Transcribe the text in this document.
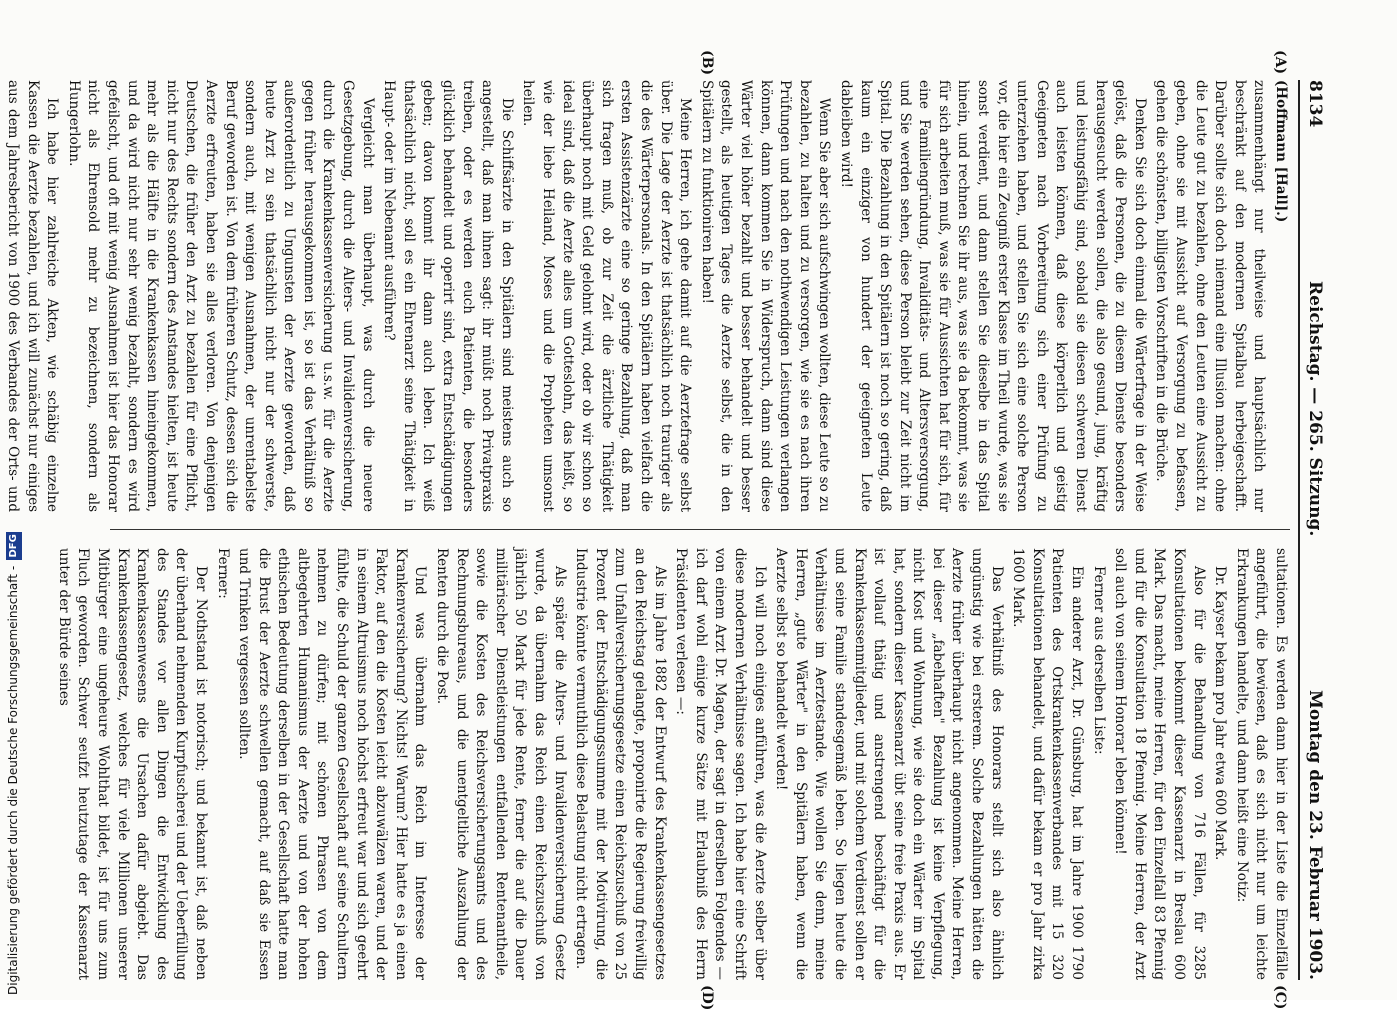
8134
Reichstag. — 265. Sitzung.
Montag den 23. Februar 1903.
(A)
(B)
(C)
(D)

(Hoffmann [Hall].)

zusammenhängt nur theilweise und hauptsächlich nur beschränkt auf den modernen Spitalbau herbeigeschafft. Darüber sollte sich doch niemand eine Illusion machen: ohne die Leute gut zu bezahlen, ohne den Leuten eine Aussicht zu geben, ohne sie mit Aussicht auf Versorgung zu befassen, gehen die schönsten, billigsten Vorschriften in die Brüche.

Denken Sie sich doch einmal die Wärterfrage in der Weise gelöst, daß die Personen, die zu diesem Dienste besonders herausgesucht werden sollen, die also gesund, jung, kräftig und leistungsfähig sind, sobald sie diesen schweren Dienst auch leisten können, daß diese körperlich und geistig Geeigneten nach Vorbereitung sich einer Prüfung zu unterziehen haben, und stellen Sie sich eine solche Person vor, die hier ein Zeugniß erster Klasse im Theil wurde, was sie sonst verdient, und dann stellen Sie dieselbe in das Spital hinein, und rechnen Sie ihr aus, was sie da bekommt, was sie für sich arbeiten muß, was sie für Aussichten hat für sich, für eine Familiengründung, Invaliditäts- und Altersversorgung, und Sie werden sehen, diese Person bleibt zur Zeit nicht im Spital. Die Bezahlung in den Spitälern ist noch so gering, daß kaum ein einziger von hundert der geeigneten Leute dableiben wird!

Wenn Sie aber sich aufschwingen wollten, diese Leute so zu bezahlen, zu halten und zu versorgen, wie sie es nach ihren Prüfungen und nach den nothwendigen Leistungen verlangen können, dann kommen Sie in Widerspruch, dann sind diese Wärter viel höher bezahlt und besser behandelt und besser gestellt, als heutigen Tages die Aerzte selbst, die in den Spitälern zu funktioniren haben!

Meine Herren, ich gehe damit auf die Aerztefrage selbst über. Die Lage der Aerzte ist thatsächlich noch trauriger als die des Wärterpersonals. In den Spitälern haben vielfach die ersten Assistenzärzte eine so geringe Bezahlung, daß man sich fragen muß, ob zur Zeit die ärztliche Thätigkeit überhaupt noch mit Geld gelohnt wird, oder ob wir schon so ideal sind, daß die Aerzte alles um Gotteslohn, das heißt, so wie der liebe Heiland, Moses und die Propheten umsonst heilen.

Die Schiffsärzte in den Spitälern sind meistens auch so angestellt, daß man ihnen sagt: ihr müßt noch Privatpraxis treiben, oder es werden euch Patienten, die besonders glücklich behandelt und operirt sind, extra Entschädigungen geben; davon kommt ihr dann auch leben. Ich weiß thatsächlich nicht, soll es ein Ehrenarzt seine Thätigkeit in Haupt- oder im Nebenamt ausführen?

Vergleicht man überhaupt, was durch die neuere Gesetzgebung, durch die Alters- und Invalidenversicherung, durch die Krankenkassenversicherung u.s.w. für die Aerzte gegen früher herausgekommen ist, so ist das Verhältniß so außerordentlich zu Ungunsten der Aerzte geworden, daß heute Arzt zu sein thatsächlich nicht nur der schwerste, sondern auch, mit wenigen Ausnahmen, der unrentabelste Beruf geworden ist. Von dem früheren Schutz, dessen sich die Aerzte erfreuten, haben sie alles verloren. Von denjenigen Deutschen, die früher den Arzt zu bezahlen für eine Pflicht, nicht nur des Rechts sondern des Anstandes hielten, ist heute mehr als die Hälfte in die Krankenkassen hineingekommen, und da wird nicht nur sehr wenig bezahlt, sondern es wird gefeilscht, und oft mit wenig Ausnahmen ist hier das Honorar nicht als Ehrensold mehr zu bezeichnen, sondern als Hungerlohn.

Ich habe hier zahlreiche Akten, wie schäbig einzelne Kassen die Aerzte bezahlen, und ich will zunächst nur einiges aus dem Jahresbericht von 1900 des Verbandes der Orts- und

sultationen. Es werden dann hier in der Liste die Einzelfälle angeführt, die bewiesen, daß es sich nicht nur um leichte Erkrankungen handelte, und dann heißt eine Notiz:

Dr. Kayser bekam pro Jahr etwa 600 Mark.

Also für die Behandlung von 716 Fällen, für 3285 Konsultationen bekommt dieser Kassenarzt in Breslau 600 Mark. Das macht, meine Herren, für den Einzelfall 83 Pfennig und für die Konsultation 18 Pfennig. Meine Herren, der Arzt soll auch von seinem Honorar leben können!

Ferner aus derselben Liste:

Ein anderer Arzt, Dr. Günsburg, hat im Jahre 1900 1790 Patienten des Ortskrankenkassenverbandes mit 15 320 Konsultationen behandelt, und dafür bekam er pro Jahr zirka 1600 Mark.

Das Verhältniß des Honorars stellt sich also ähnlich ungünstig wie bei ersterem. Solche Bezahlungen hätten die Aerzte früher überhaupt nicht angenommen. Meine Herren, bei dieser „fabelhaften" Bezahlung ist keine Verpflegung, nicht Kost und Wohnung, wie sie doch ein Wärter im Spital hat, sondern dieser Kassenarzt übt seine freie Praxis aus. Er ist vollauf thätig und anstrengend beschäftigt für die Krankenkassenmitglieder, und mit solchem Verdienst sollen er und seine Familie standesgemäß leben. So liegen heute die Verhältnisse im Aerztestande. Wie wollen Sie denn, meine Herren, „gute Wärter" in den Spitälern haben, wenn die Aerzte selbst so behandelt werden!

Ich will noch einiges anführen, was die Aerzte selber über diese modernen Verhältnisse sagen. Ich habe hier eine Schrift von einem Arzt Dr. Magen, der sagt in derselben Folgendes — ich darf wohl einige kurze Sätze mit Erlaubniß des Herrn Präsidenten verlesen —:

Als im Jahre 1882 der Entwurf des Krankenkassengesetzes an den Reichstag gelangte, proponirte die Regierung freiwillig zum Unfallversicherungsgesetze einen Reichszuschuß von 25 Prozent der Entschädigungssumme mit der Motivirung, die Industrie könnte vermuthlich diese Belastung nicht ertragen.

Als später die Alters- und Invalidenversicherung Gesetz wurde, da übernahm das Reich einen Reichszuschuß von jährlich 50 Mark für jede Rente, ferner die auf die Dauer militärischer Dienstleistungen entfallenden Rentenantheile, sowie die Kosten des Reichsversicherungsamts und des Rechnungsbureaus, und die unentgeltliche Auszahlung der Renten durch die Post.

Und was übernahm das Reich im Interesse der Krankenversicherung? Nichts! Warum? Hier hatte es ja einen Faktor, auf den die Kosten leicht abzuwälzen waren, und der in seinem Altruismus noch höchst erfreut war und sich geehrt fühlte, die Schuld der ganzen Gesellschaft auf seine Schultern nehmen zu dürfen; mit schönen Phrasen von dem altbegehrten Humanismus der Aerzte und von der hohen ethischen Bedeutung derselben in der Gesellschaft hatte man die Brust der Aerzte schwellen gemacht, auf daß sie Essen und Trinken vergessen sollten.

Ferner:

Der Nothstand ist notorisch; und bekannt ist, daß neben der überhand nehmenden Kurpfuscherei und der Ueberfüllung des Standes vor allen Dingen die Entwicklung des Krankenkassenwesens die Ursachen dafür abgiebt. Das Krankenkassengesetz, welches für viele Millionen unserer Mitbürger eine ungeheure Wohlthat bildet, ist für uns zum Fluch geworden. Schwer seufzt heutzutage der Kassenarzt unter der Bürde seines

Digitalisierung gefördert durch die Deutsche Forschungsgemeinschaft -DFG
